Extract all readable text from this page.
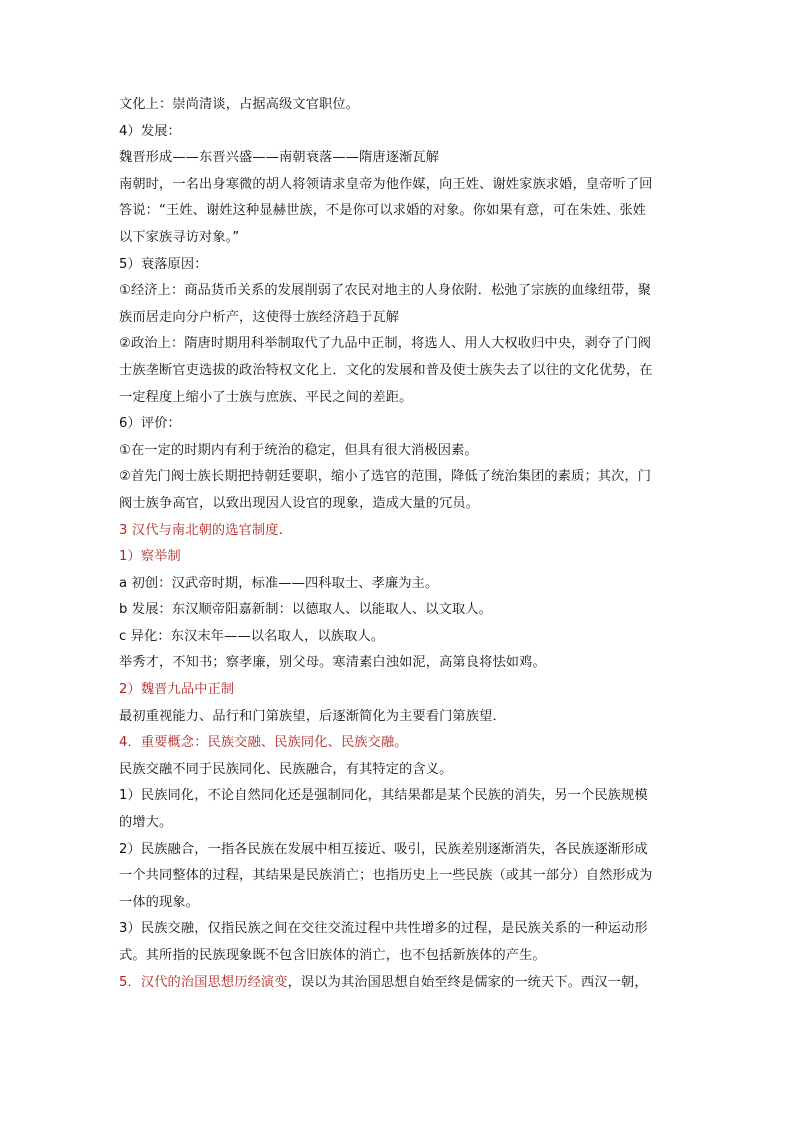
文化上：崇尚清谈，占据高级文官职位。
4）发展：
魏晋形成——东晋兴盛——南朝衰落——隋唐逐渐瓦解
南朝时，一名出身寒微的胡人将领请求皇帝为他作媒，向王姓、谢姓家族求婚，皇帝听了回
答说：“王姓、谢姓这种显赫世族，不是你可以求婚的对象。你如果有意，可在朱姓、张姓
以下家族寻访对象。”
5）衰落原因：
①经济上：商品货币关系的发展削弱了农民对地主的人身依附．松弛了宗族的血缘纽带，聚
族而居走向分户析产，这使得士族经济趋于瓦解
②政治上：隋唐时期用科举制取代了九品中正制，将选人、用人大权收归中央，剥夺了门阀
士族垄断官吏选拔的政治特权文化上．文化的发展和普及使士族失去了以往的文化优势，在
一定程度上缩小了士族与庶族、平民之间的差距。
6）评价：
①在一定的时期内有利于统治的稳定，但具有很大消极因素。
②首先门阀士族长期把持朝廷要职，缩小了选官的范围，降低了统治集团的素质；其次，门
阀士族争高官，以致出现因人设官的现象，造成大量的冗员。
3 汉代与南北朝的选官制度.
1）察举制
a 初创：汉武帝时期，标准——四科取士、孝廉为主。
b 发展：东汉顺帝阳嘉新制：以德取人、以能取人、以文取人。
c 异化：东汉末年——以名取人，以族取人。
举秀才，不知书；察孝廉，别父母。寒清素白浊如泥，高第良将怯如鸡。
2）魏晋九品中正制
最初重视能力、品行和门第族望，后逐渐简化为主要看门第族望．
4．重要概念：民族交融、民族同化、民族交融。
民族交融不同于民族同化、民族融合，有其特定的含义。
1）民族同化，不论自然同化还是强制同化，其结果都是某个民族的消失，另一个民族规模
的增大。
2）民族融合，一指各民族在发展中相互接近、吸引，民族差别逐渐消失，各民族逐渐形成
一个共同整体的过程，其结果是民族消亡；也指历史上一些民族（或其一部分）自然形成为
一体的现象。
3）民族交融，仅指民族之间在交往交流过程中共性增多的过程，是民族关系的一种运动形
式。其所指的民族现象既不包含旧族体的消亡，也不包括新族体的产生。
5．汉代的治国思想历经演变，误以为其治国思想自始至终是儒家的一统天下。西汉一朝，
